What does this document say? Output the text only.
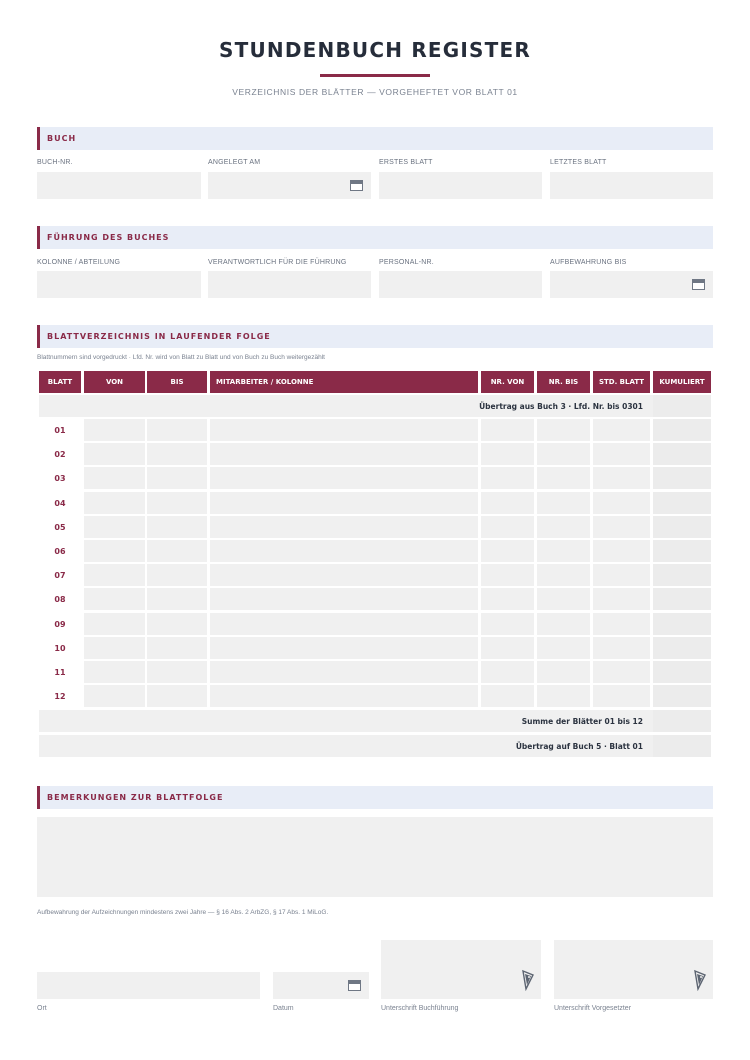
STUNDENBUCH REGISTER
VERZEICHNIS DER BLÄTTER — VORGEHEFTET VOR BLATT 01
BUCH
BUCH-NR.	ANGELEGT AM	ERSTES BLATT	LETZTES BLATT
FÜHRUNG DES BUCHES
KOLONNE / ABTEILUNG	VERANTWORTLICH FÜR DIE FÜHRUNG	PERSONAL-NR.	AUFBEWAHRUNG BIS
BLATTVERZEICHNIS IN LAUFENDER FOLGE
Blattnummern sind vorgedruckt · Lfd. Nr. wird von Blatt zu Blatt und von Buch zu Buch weitergezählt
BLATT	VON	BIS	MITARBEITER / KOLONNE	NR. VON	NR. BIS	STD. BLATT	KUMULIERT
Übertrag aus Buch 3 · Lfd. Nr. bis 0301
01
02
03
04
05
06
07
08
09
10
11
12
Summe der Blätter 01 bis 12
Übertrag auf Buch 5 · Blatt 01
BEMERKUNGEN ZUR BLATTFOLGE
Aufbewahrung der Aufzeichnungen mindestens zwei Jahre — § 16 Abs. 2 ArbZG, § 17 Abs. 1 MiLoG.
Ort	Datum	Unterschrift Buchführung	Unterschrift Vorgesetzter
